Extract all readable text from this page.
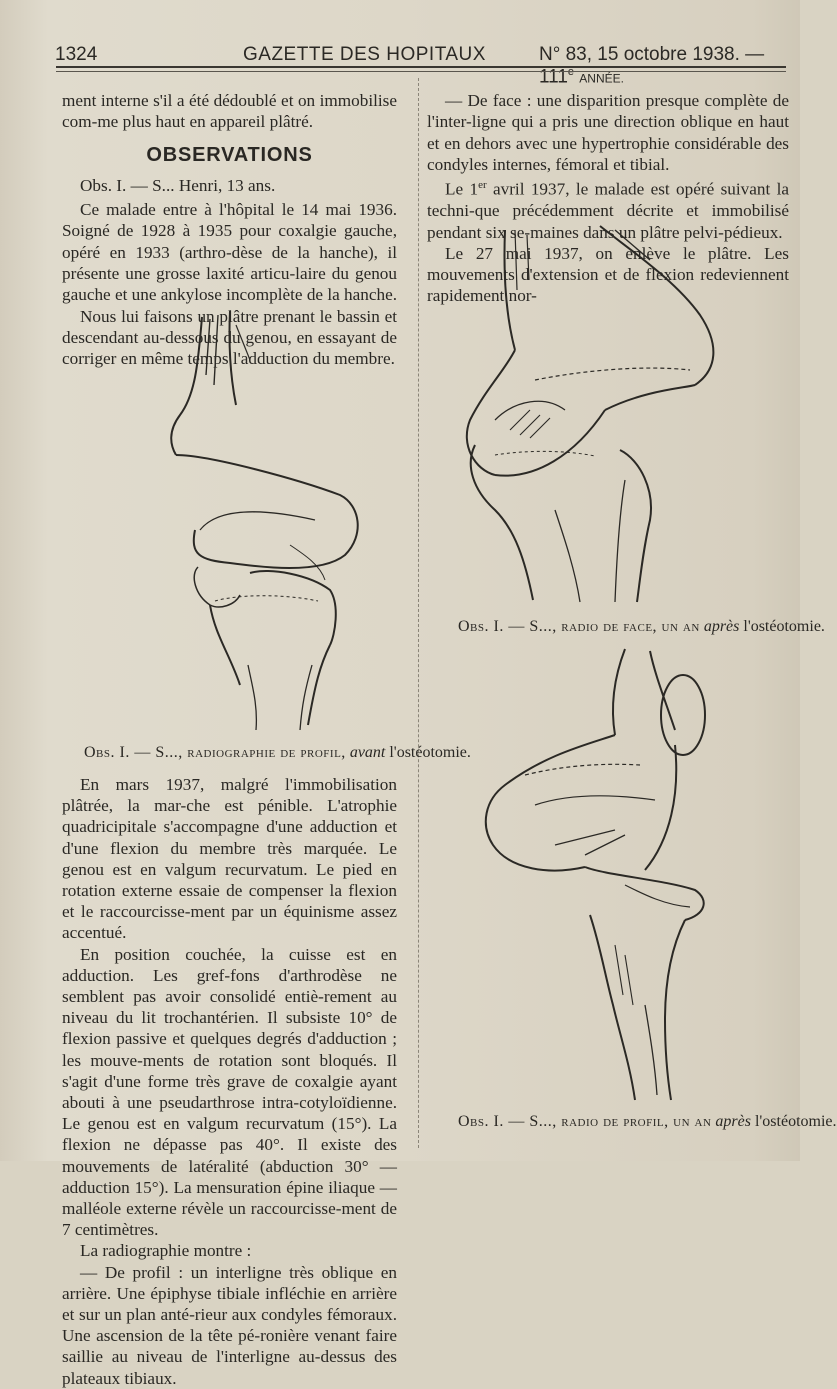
1324	GAZETTE DES HOPITAUX	N° 83, 15 octobre 1938. — 111e ANNÉE.

ment interne s'il a été dédoublé et on immobilise com-me plus haut en appareil plâtré.

OBSERVATIONS

Obs. I. — S... Henri, 13 ans.

Ce malade entre à l'hôpital le 14 mai 1936. Soigné de 1928 à 1935 pour coxalgie gauche, opéré en 1933 (arthro-dèse de la hanche), il présente une grosse laxité articu-laire du genou gauche et une ankylose incomplète de la hanche.

Nous lui faisons un plâtre prenant le bassin et descendant au-dessous du genou, en essayant de corriger en même temps l'adduction du membre.

Obs. I. — S..., radiographie de profil, avant l'ostéotomie.

En mars 1937, malgré l'immobilisation plâtrée, la mar-che est pénible. L'atrophie quadricipitale s'accompagne d'une adduction et d'une flexion du membre très marquée. Le genou est en valgum recurvatum. Le pied en rotation externe essaie de compenser la flexion et le raccourcisse-ment par un équinisme assez accentué.

En position couchée, la cuisse est en adduction. Les gref-fons d'arthrodèse ne semblent pas avoir consolidé entiè-rement au niveau du lit trochantérien. Il subsiste 10° de flexion passive et quelques degrés d'adduction ; les mouve-ments de rotation sont bloqués. Il s'agit d'une forme très grave de coxalgie ayant abouti à une pseudarthrose intra-cotyloïdienne. Le genou est en valgum recurvatum (15°). La flexion ne dépasse pas 40°. Il existe des mouvements de latéralité (abduction 30° — adduction 15°). La mensuration épine iliaque — malléole externe révèle un raccourcisse-ment de 7 centimètres.

La radiographie montre :

— De profil : un interligne très oblique en arrière. Une épiphyse tibiale infléchie en arrière et sur un plan anté-rieur aux condyles fémoraux. Une ascension de la tête pé-ronière venant faire saillie au niveau de l'interligne au-dessus des plateaux tibiaux.

— De face : une disparition presque complète de l'inter-ligne qui a pris une direction oblique en haut et en dehors avec une hypertrophie considérable des condyles internes, fémoral et tibial.

Le 1er avril 1937, le malade est opéré suivant la techni-que précédemment décrite et immobilisé pendant six se-maines dans un plâtre pelvi-pédieux.

Le 27 mai 1937, on enlève le plâtre. Les mouvements d'extension et de flexion redeviennent rapidement nor-

Obs. I. — S..., radio de face, un an après l'ostéotomie.
Obs. I. — S..., radio de profil, un an après l'ostéotomie.
